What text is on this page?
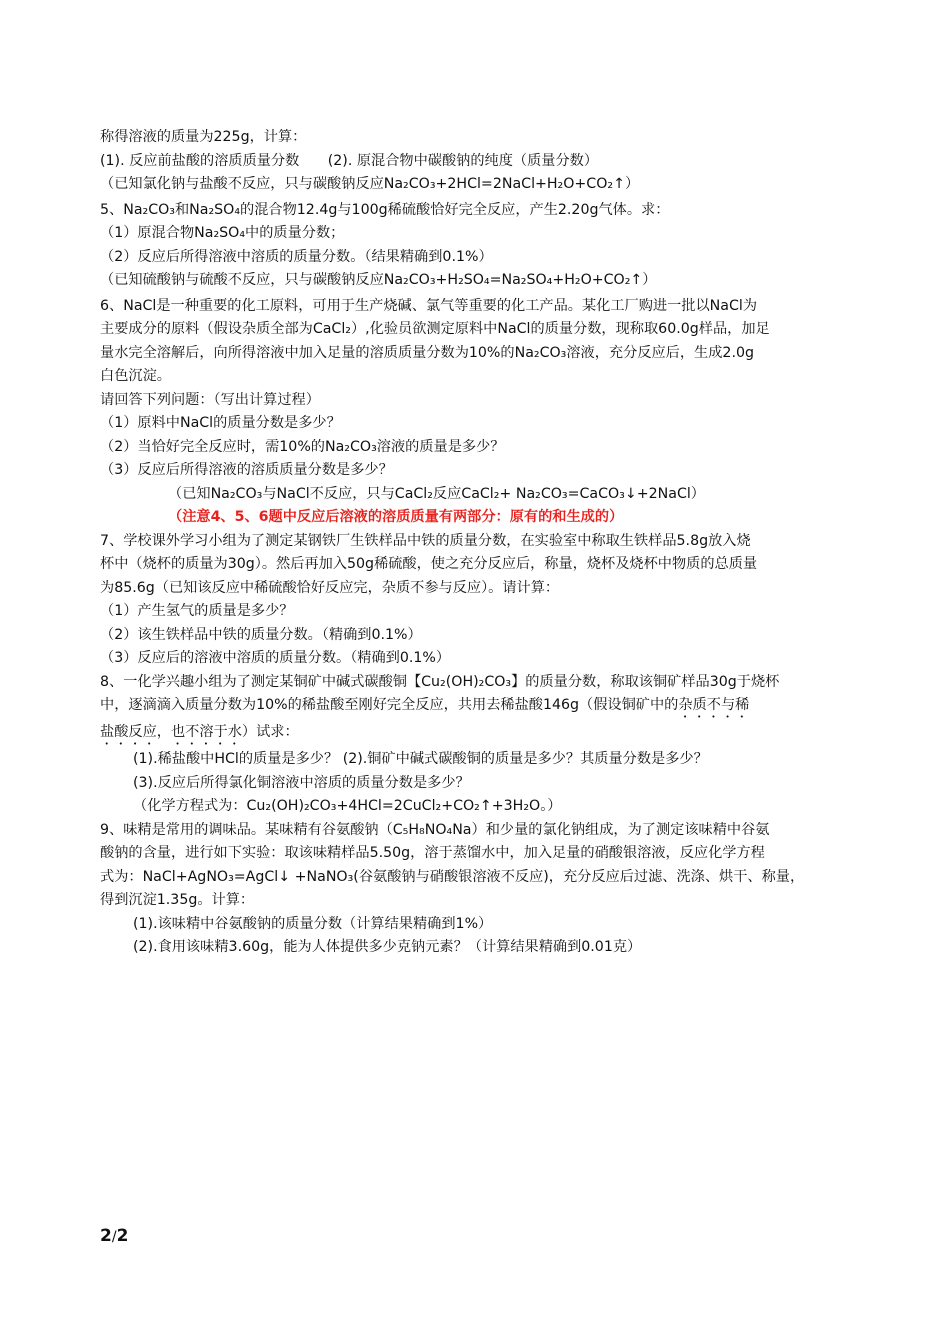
称得溶液的质量为225g，计算：
(1). 反应前盐酸的溶质质量分数　　(2). 原混合物中碳酸钠的纯度（质量分数）
（已知氯化钠与盐酸不反应，只与碳酸钠反应Na₂CO₃+2HCl=2NaCl+H₂O+CO₂↑）
5、Na₂CO₃和Na₂SO₄的混合物12.4g与100g稀硫酸恰好完全反应，产生2.20g气体。求：
（1）原混合物Na₂SO₄中的质量分数；
（2）反应后所得溶液中溶质的质量分数。（结果精确到0.1%）
（已知硫酸钠与硫酸不反应，只与碳酸钠反应Na₂CO₃+H₂SO₄=Na₂SO₄+H₂O+CO₂↑）
6、NaCl是一种重要的化工原料，可用于生产烧碱、氯气等重要的化工产品。某化工厂购进一批以NaCl为
主要成分的原料（假设杂质全部为CaCl₂）,化验员欲测定原料中NaCl的质量分数，现称取60.0g样品，加足
量水完全溶解后，向所得溶液中加入足量的溶质质量分数为10%的Na₂CO₃溶液，充分反应后，生成2.0g
白色沉淀。
请回答下列问题：（写出计算过程）
（1）原料中NaCl的质量分数是多少？
（2）当恰好完全反应时，需10%的Na₂CO₃溶液的质量是多少？
（3）反应后所得溶液的溶质质量分数是多少？
（已知Na₂CO₃与NaCl不反应，只与CaCl₂反应CaCl₂+ Na₂CO₃=CaCO₃↓+2NaCl）
（注意4、5、6题中反应后溶液的溶质质量有两部分：原有的和生成的）
7、学校课外学习小组为了测定某钢铁厂生铁样品中铁的质量分数，在实验室中称取生铁样品5.8g放入烧
杯中（烧杯的质量为30g）。然后再加入50g稀硫酸，使之充分反应后，称量，烧杯及烧杯中物质的总质量
为85.6g（已知该反应中稀硫酸恰好反应完，杂质不参与反应）。请计算：
（1）产生氢气的质量是多少？
（2）该生铁样品中铁的质量分数。（精确到0.1%）
（3）反应后的溶液中溶质的质量分数。（精确到0.1%）
8、一化学兴趣小组为了测定某铜矿中碱式碳酸铜【Cu₂(OH)₂CO₃】的质量分数，称取该铜矿样品30g于烧杯
中，逐滴滴入质量分数为10%的稀盐酸至刚好完全反应，共用去稀盐酸146g（假设铜矿中的杂质不与稀
盐酸反应，也不溶于水）试求：
(1).稀盐酸中HCl的质量是多少？ (2).铜矿中碱式碳酸铜的质量是多少？其质量分数是多少？
(3).反应后所得氯化铜溶液中溶质的质量分数是多少？
（化学方程式为：Cu₂(OH)₂CO₃+4HCl=2CuCl₂+CO₂↑+3H₂O。）
9、味精是常用的调味品。某味精有谷氨酸钠（C₅H₈NO₄Na）和少量的氯化钠组成，为了测定该味精中谷氨
酸钠的含量，进行如下实验：取该味精样品5.50g，溶于蒸馏水中，加入足量的硝酸银溶液，反应化学方程
式为：NaCl+AgNO₃=AgCl↓ +NaNO₃(谷氨酸钠与硝酸银溶液不反应)，充分反应后过滤、洗涤、烘干、称量，
得到沉淀1.35g。计算：
(1).该味精中谷氨酸钠的质量分数（计算结果精确到1%）
(2).食用该味精3.60g，能为人体提供多少克钠元素？（计算结果精确到0.01克）
2/2
